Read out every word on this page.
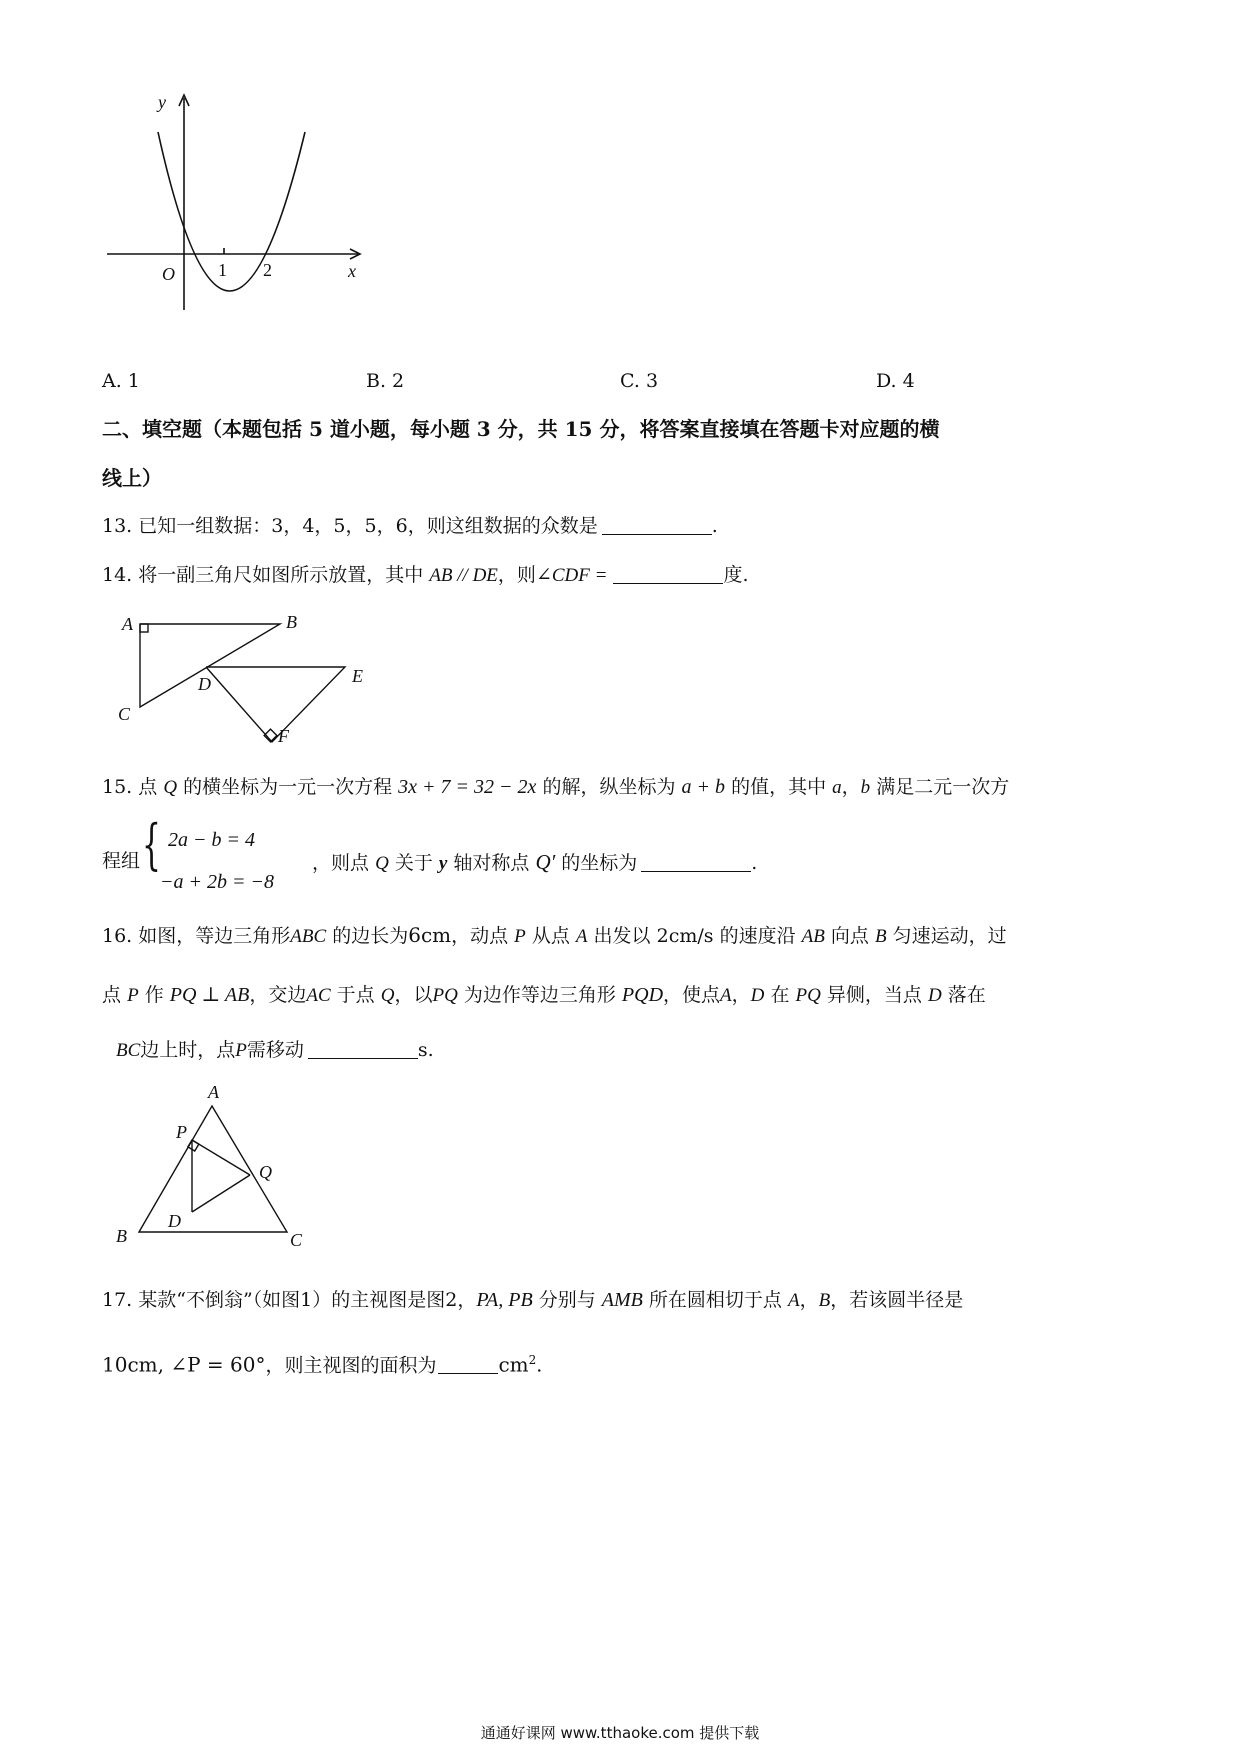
y
x
O 1 2
A. 1	B. 2	C. 3	D. 4
二、填空题（本题包括 5 道小题，每小题 3 分，共 15 分，将答案直接填在答题卡对应题的横
线上）
13. 已知一组数据：3，4，5，5，6，则这组数据的众数是	.
14. 将一副三角尺如图所示放置，其中 AB // DE，则∠CDF =	度.
A	B
C
D	E
F
15. 点 Q 的横坐标为一元一次方程 3x + 7 = 32 − 2x 的解，纵坐标为 a + b 的值，其中 a，b 满足二元一次方
程组 { 2a − b = 4
−a + 2b = −8
，则点 Q 关于 y 轴对称点 Q′ 的坐标为	.
16. 如图，等边三角形ABC 的边长为6cm，动点 P 从点 A 出发以 2cm/s 的速度沿 AB 向点 B 匀速运动，过
点 P 作 PQ ⊥ AB，交边AC 于点 Q，以PQ 为边作等边三角形 PQD，使点A，D 在 PQ 异侧，当点 D 落在
BC边上时，点P需移动	s.
A
B	C
P
Q
D
17. 某款“不倒翁”（如图1）的主视图是图2，PA, PB 分别与 AMB 所在圆相切于点 A，B，若该圆半径是
10cm, ∠P = 60°，则主视图的面积为	$cm^2$.
通通好课网 www.tthaoke.com 提供下载
